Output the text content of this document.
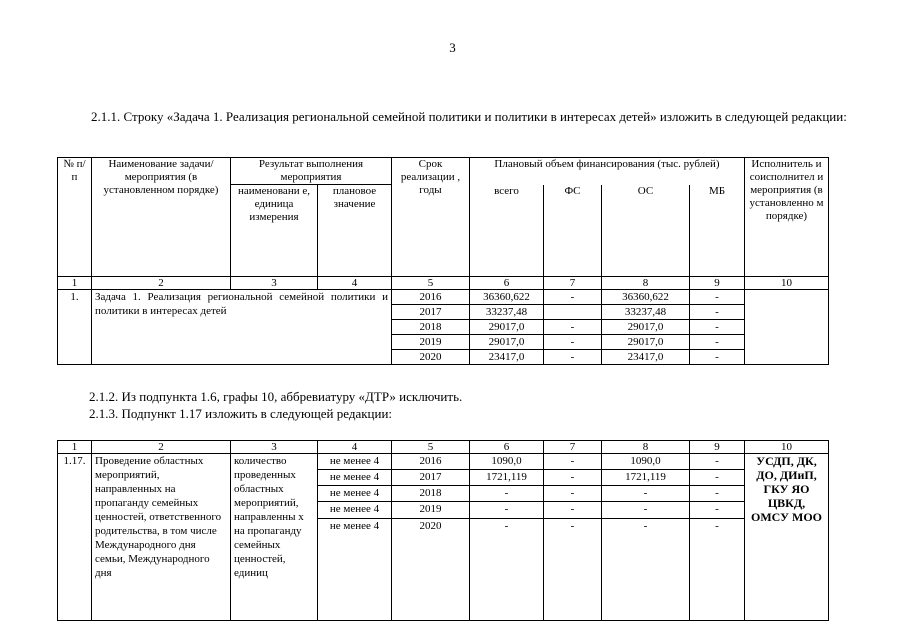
3
2.1.1. Строку «Задача 1. Реализация региональной семейной политики и политики в интересах детей» изложить в следующей редакции:
№ п/п	Наименование задачи/мероприятия (в установленном порядке)	Результат выполнения мероприятия		Срок реализации , годы	Плановый объем финансирования (тыс. рублей)				Исполнитель и соисполнител и мероприятия (в установленно м порядке)
		наименовани е, единица измерения	плановое значение		всего	ФС	ОС	МБ	
1	2	3	4	5	6	7	8	9	10
1.	Задача 1. Реализация региональной семейной политики и политики в интересах детей			2016	36360,622	-	36360,622	-	
				2017	33237,48		33237,48	-	
				2018	29017,0	-	29017,0	-	
				2019	29017,0	-	29017,0	-	
				2020	23417,0	-	23417,0	-	
2.1.2. Из подпункта 1.6, графы 10, аббревиатуру «ДТР» исключить.
2.1.3. Подпункт 1.17 изложить в следующей редакции:
1	2	3	4	5	6	7	8	9	10
1.17.	Проведение областных мероприятий, направленных на пропаганду семейных ценностей, ответственного родительства, в том числе Международного дня семьи, Международного дня	количество проведенных областных мероприятий, направленны х на пропаганду семейных ценностей, единиц	не менее 4	2016	1090,0	-	1090,0	-	УСДП, ДК, ДО, ДИиП, ГКУ ЯО ЦВКД, ОМСУ МОО
			не менее 4	2017	1721,119	-	1721,119	-	
			не менее 4	2018	-	-	-	-	
			не менее 4	2019	-	-	-	-	
			не менее 4	2020	-	-	-	-	
